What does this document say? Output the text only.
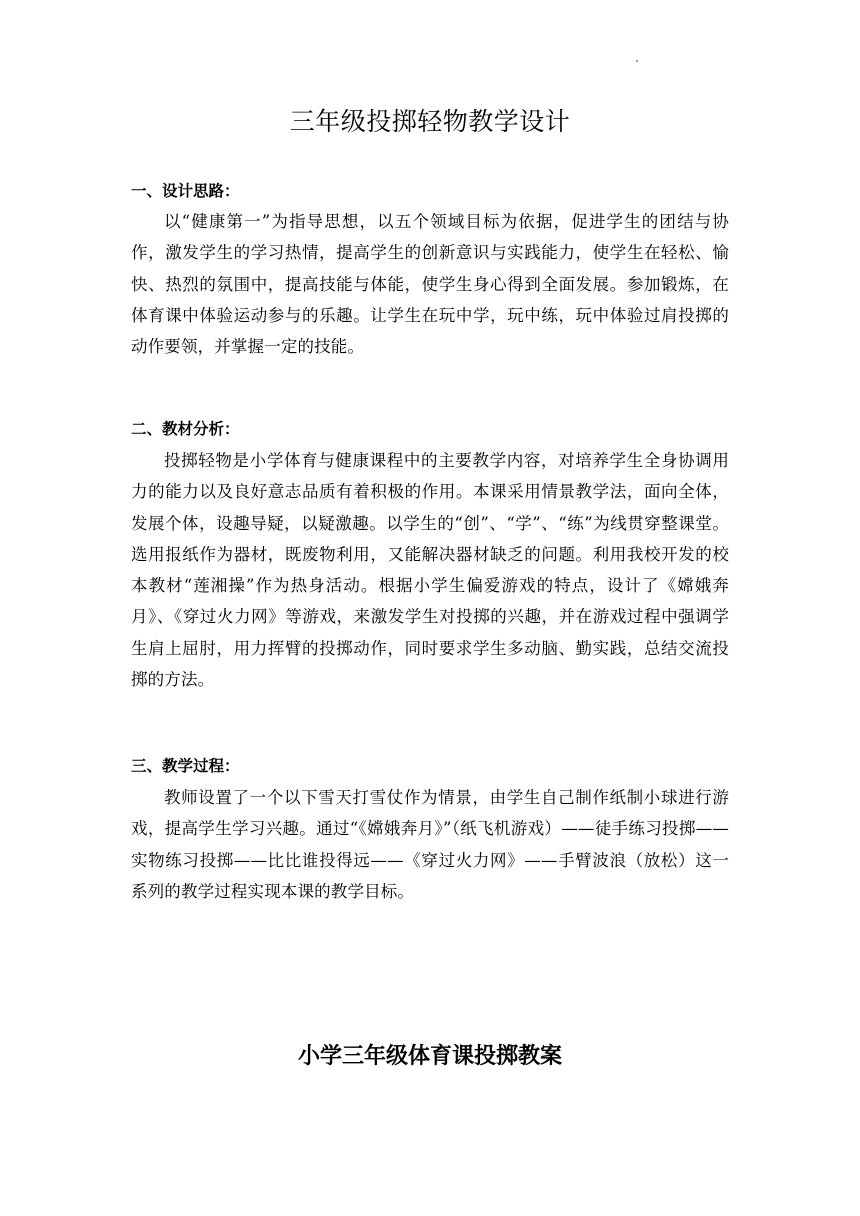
三年级投掷轻物教学设计
一、设计思路：

以“健康第一”为指导思想，以五个领域目标为依据，促进学生的团结与协作，激发学生的学习热情，提高学生的创新意识与实践能力，使学生在轻松、愉快、热烈的氛围中，提高技能与体能，使学生身心得到全面发展。参加锻炼，在体育课中体验运动参与的乐趣。让学生在玩中学，玩中练，玩中体验过肩投掷的动作要领，并掌握一定的技能。

二、教材分析：

投掷轻物是小学体育与健康课程中的主要教学内容，对培养学生全身协调用力的能力以及良好意志品质有着积极的作用。本课采用情景教学法，面向全体，发展个体，设趣导疑，以疑激趣。以学生的“创”、“学”、“练”为线贯穿整课堂。选用报纸作为器材，既废物利用，又能解决器材缺乏的问题。利用我校开发的校本教材“莲湘操”作为热身活动。根据小学生偏爱游戏的特点，设计了《嫦娥奔月》、《穿过火力网》等游戏，来激发学生对投掷的兴趣，并在游戏过程中强调学生肩上屈肘，用力挥臂的投掷动作，同时要求学生多动脑、勤实践，总结交流投掷的方法。

三、教学过程：

教师设置了一个以下雪天打雪仗作为情景，由学生自己制作纸制小球进行游戏，提高学生学习兴趣。通过“《嫦娥奔月》”（纸飞机游戏）——徒手练习投掷——实物练习投掷——比比谁投得远——《穿过火力网》——手臂波浪（放松）这一系列的教学过程实现本课的教学目标。

小学三年级体育课投掷教案
